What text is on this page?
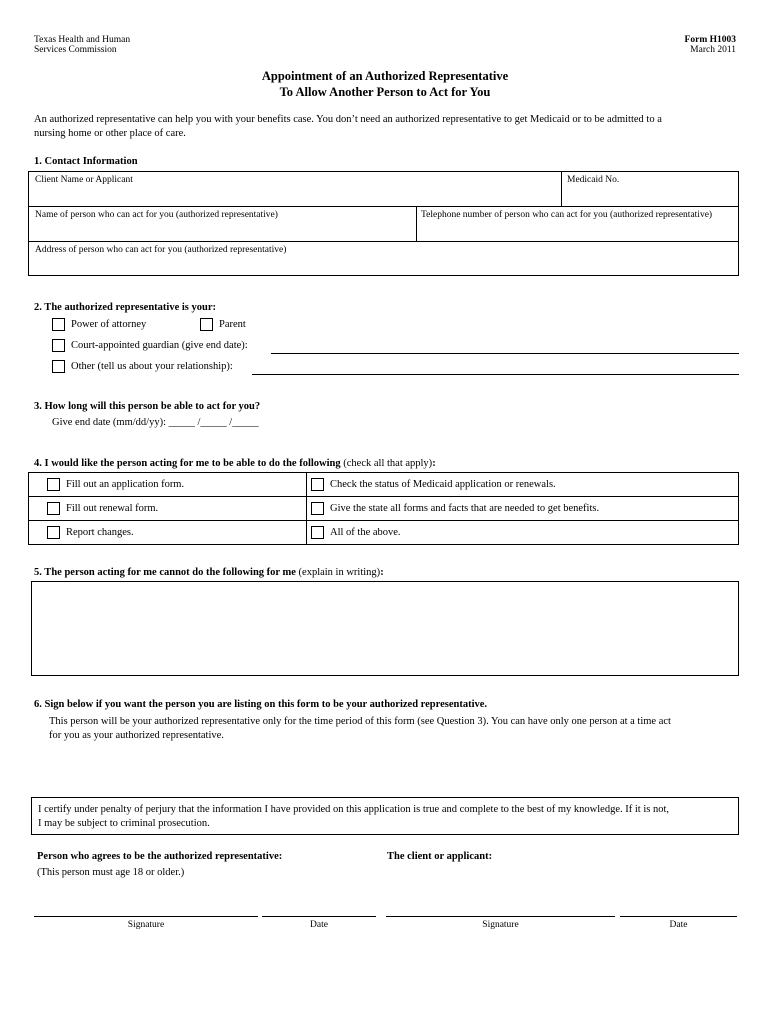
Texas Health and Human
Services Commission
Form H1003
March 2011
Appointment of an Authorized Representative
To Allow Another Person to Act for You
An authorized representative can help you with your benefits case. You don’t need an authorized representative to get Medicaid or to be admitted to a
nursing home or other place of care.
1. Contact Information
Client Name or Applicant	Medicaid No.
Name of person who can act for you (authorized representative)	Telephone number of person who can act for you (authorized representative)
Address of person who can act for you (authorized representative)
2. The authorized representative is your:
Power of attorney	Parent
Court-appointed guardian (give end date):
Other (tell us about your relationship):
3. How long will this person be able to act for you?
Give end date (mm/dd/yy): _____ /_____ /_____
4. I would like the person acting for me to be able to do the following (check all that apply):
Fill out an application form.	Check the status of Medicaid application or renewals.
Fill out renewal form.	Give the state all forms and facts that are needed to get benefits.
Report changes.	All of the above.
5. The person acting for me cannot do the following for me (explain in writing):
6. Sign below if you want the person you are listing on this form to be your authorized representative.
This person will be your authorized representative only for the time period of this form (see Question 3). You can have only one person at a time act
for you as your authorized representative.
I certify under penalty of perjury that the information I have provided on this application is true and complete to the best of my knowledge. If it is not,
I may be subject to criminal prosecution.
Person who agrees to be the authorized representative:
(This person must age 18 or older.)
The client or applicant:
Signature	Date	Signature	Date
